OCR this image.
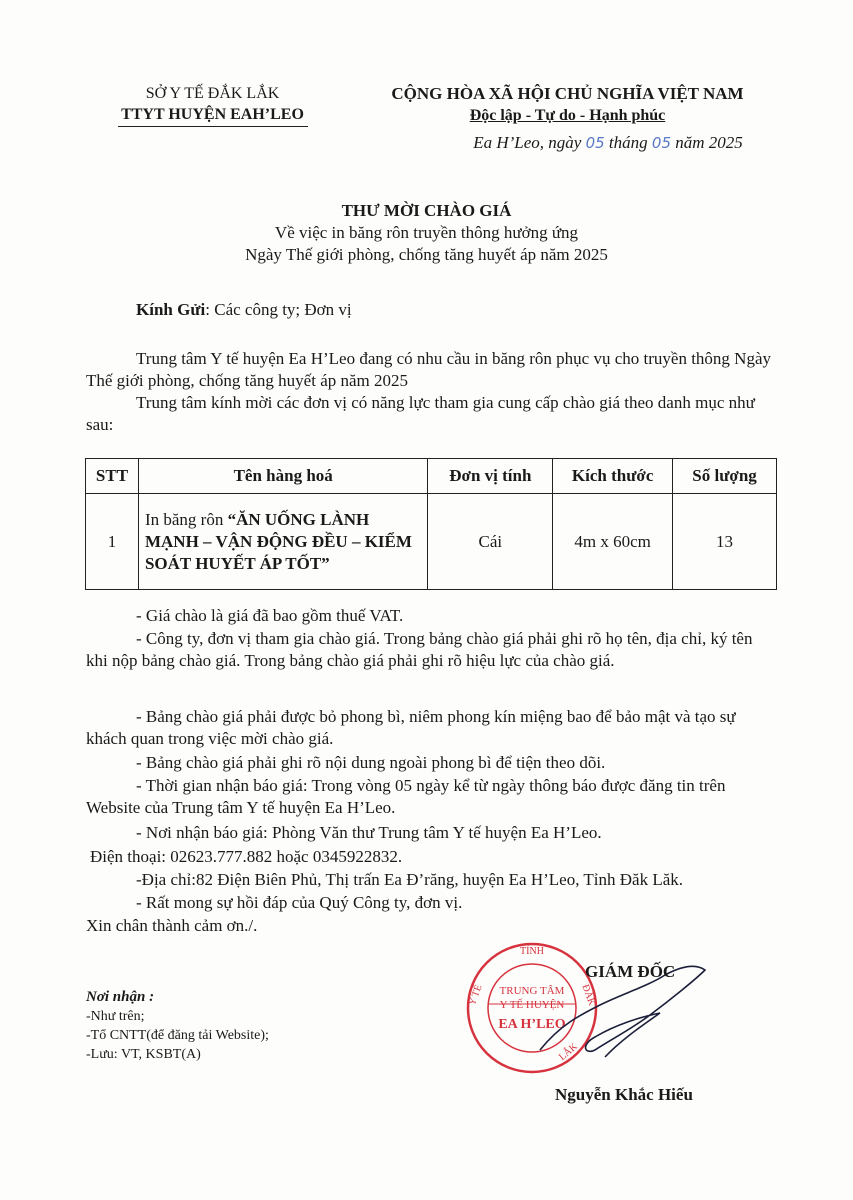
SỞ Y TẾ ĐẮK LẮK
TTYT HUYỆN EAH’LEO
CỘNG HÒA XÃ HỘI CHỦ NGHĨA VIỆT NAM
Độc lập - Tự do - Hạnh phúc
Ea H’Leo, ngày 05 tháng 05 năm 2025
THƯ MỜI CHÀO GIÁ
Về việc in băng rôn truyền thông hưởng ứng
Ngày Thế giới phòng, chống tăng huyết áp năm 2025
Kính Gửi: Các công ty; Đơn vị

Trung tâm Y tế huyện Ea H’Leo đang có nhu cầu in băng rôn phục vụ cho truyền thông Ngày Thế giới phòng, chống tăng huyết áp năm 2025

Trung tâm kính mời các đơn vị có năng lực tham gia cung cấp chào giá theo danh mục như sau:

STT	Tên hàng hoá	Đơn vị tính	Kích thước	Số lượng
1	In băng rôn “ĂN UỐNG LÀNH MẠNH – VẬN ĐỘNG ĐỀU – KIỂM SOÁT HUYẾT ÁP TỐT”	Cái	4m x 60cm	13

- Giá chào là giá đã bao gồm thuế VAT.

- Công ty, đơn vị tham gia chào giá. Trong bảng chào giá phải ghi rõ họ tên, địa chỉ, ký tên khi nộp bảng chào giá. Trong bảng chào giá phải ghi rõ hiệu lực của chào giá.

- Bảng chào giá phải được bỏ phong bì, niêm phong kín miệng bao để bảo mật và tạo sự khách quan trong việc mời chào giá.

- Bảng chào giá phải ghi rõ nội dung ngoài phong bì để tiện theo dõi.

- Thời gian nhận báo giá: Trong vòng 05 ngày kể từ ngày thông báo được đăng tin trên Website của Trung tâm Y tế huyện Ea H’Leo.

- Nơi nhận báo giá: Phòng Văn thư Trung tâm Y tế huyện Ea H’Leo.

Điện thoại: 02623.777.882 hoặc 0345922832.

-Địa chỉ:82 Điện Biên Phủ, Thị trấn Ea Đ’răng, huyện Ea H’Leo, Tỉnh Đăk Lăk.

- Rất mong sự hồi đáp của Quý Công ty, đơn vị.

Xin chân thành cảm ơn./.

Nơi nhận :
-Như trên;
-Tổ CNTT(để đăng tải Website);
-Lưu: VT, KSBT(A)
TỈNH
Y TẾ	ĐẮK
LẮK
TRUNG TÂM
Y TẾ HUYỆN
EA H’LEO
GIÁM ĐỐC
Nguyễn Khắc Hiếu
